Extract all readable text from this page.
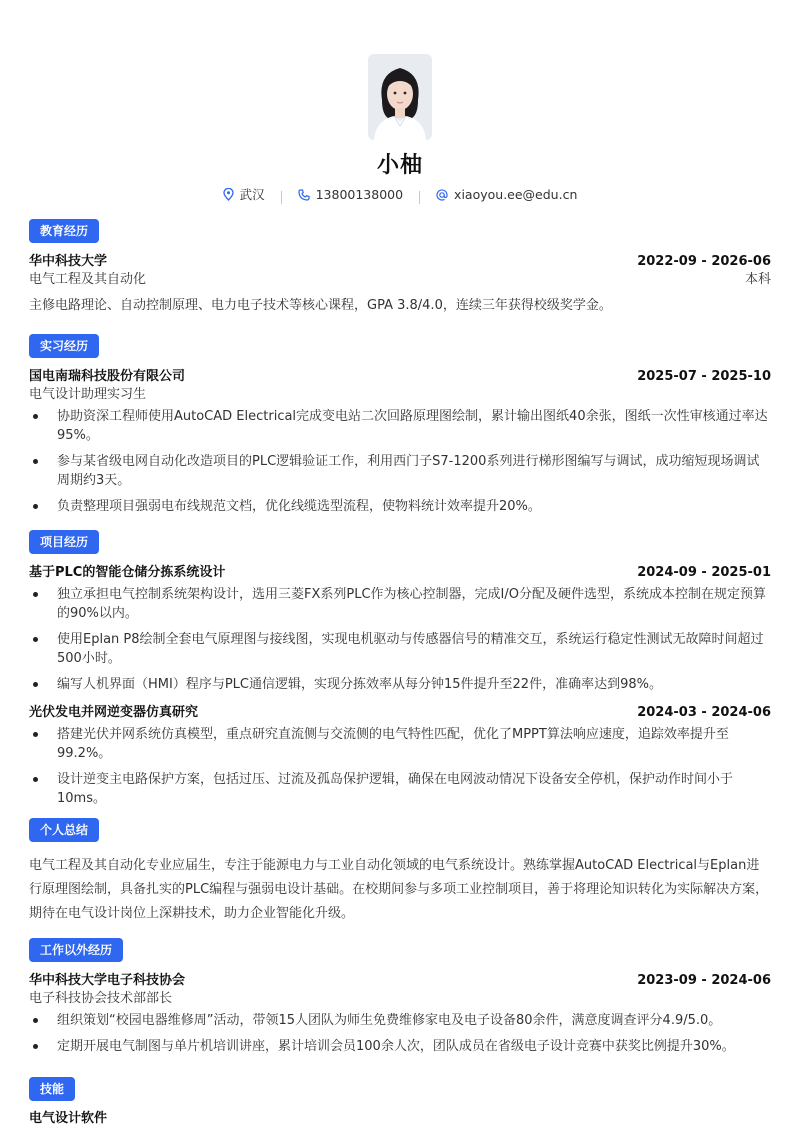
小柚
武汉
	13800138000
	xiaoyou.ee@edu.cn
教育经历
华中科技大学	2022-09 - 2026-06
电气工程及其自动化	本科
主修电路理论、自动控制原理、电力电子技术等核心课程，GPA 3.8/4.0，连续三年获得校级奖学金。
实习经历
国电南瑞科技股份有限公司	2025-07 - 2025-10
电气设计助理实习生
协助资深工程师使用AutoCAD Electrical完成变电站二次回路原理图绘制，累计输出图纸40余张，图纸一次性审核通过率达95%。
参与某省级电网自动化改造项目的PLC逻辑验证工作，利用西门子S7-1200系列进行梯形图编写与调试，成功缩短现场调试周期约3天。
负责整理项目强弱电布线规范文档，优化线缆选型流程，使物料统计效率提升20%。
项目经历
基于PLC的智能仓储分拣系统设计	2024-09 - 2025-01
独立承担电气控制系统架构设计，选用三菱FX系列PLC作为核心控制器，完成I/O分配及硬件选型，系统成本控制在规定预算的90%以内。
使用Eplan P8绘制全套电气原理图与接线图，实现电机驱动与传感器信号的精准交互，系统运行稳定性测试无故障时间超过500小时。
编写人机界面（HMI）程序与PLC通信逻辑，实现分拣效率从每分钟15件提升至22件，准确率达到98%。
光伏发电并网逆变器仿真研究	2024-03 - 2024-06
搭建光伏并网系统仿真模型，重点研究直流侧与交流侧的电气特性匹配，优化了MPPT算法响应速度，追踪效率提升至99.2%。
设计逆变主电路保护方案，包括过压、过流及孤岛保护逻辑，确保在电网波动情况下设备安全停机，保护动作时间小于10ms。
个人总结
电气工程及其自动化专业应届生，专注于能源电力与工业自动化领域的电气系统设计。熟练掌握AutoCAD Electrical与Eplan进行原理图绘制，具备扎实的PLC编程与强弱电设计基础。在校期间参与多项工业控制项目，善于将理论知识转化为实际解决方案，期待在电气设计岗位上深耕技术，助力企业智能化升级。
工作以外经历
华中科技大学电子科技协会	2023-09 - 2024-06
电子科技协会技术部部长
组织策划“校园电器维修周”活动，带领15人团队为师生免费维修家电及电子设备80余件，满意度调查评分4.9/5.0。
定期开展电气制图与单片机培训讲座，累计培训会员100余人次，团队成员在省级电子设计竞赛中获奖比例提升30%。
技能
电气设计软件
